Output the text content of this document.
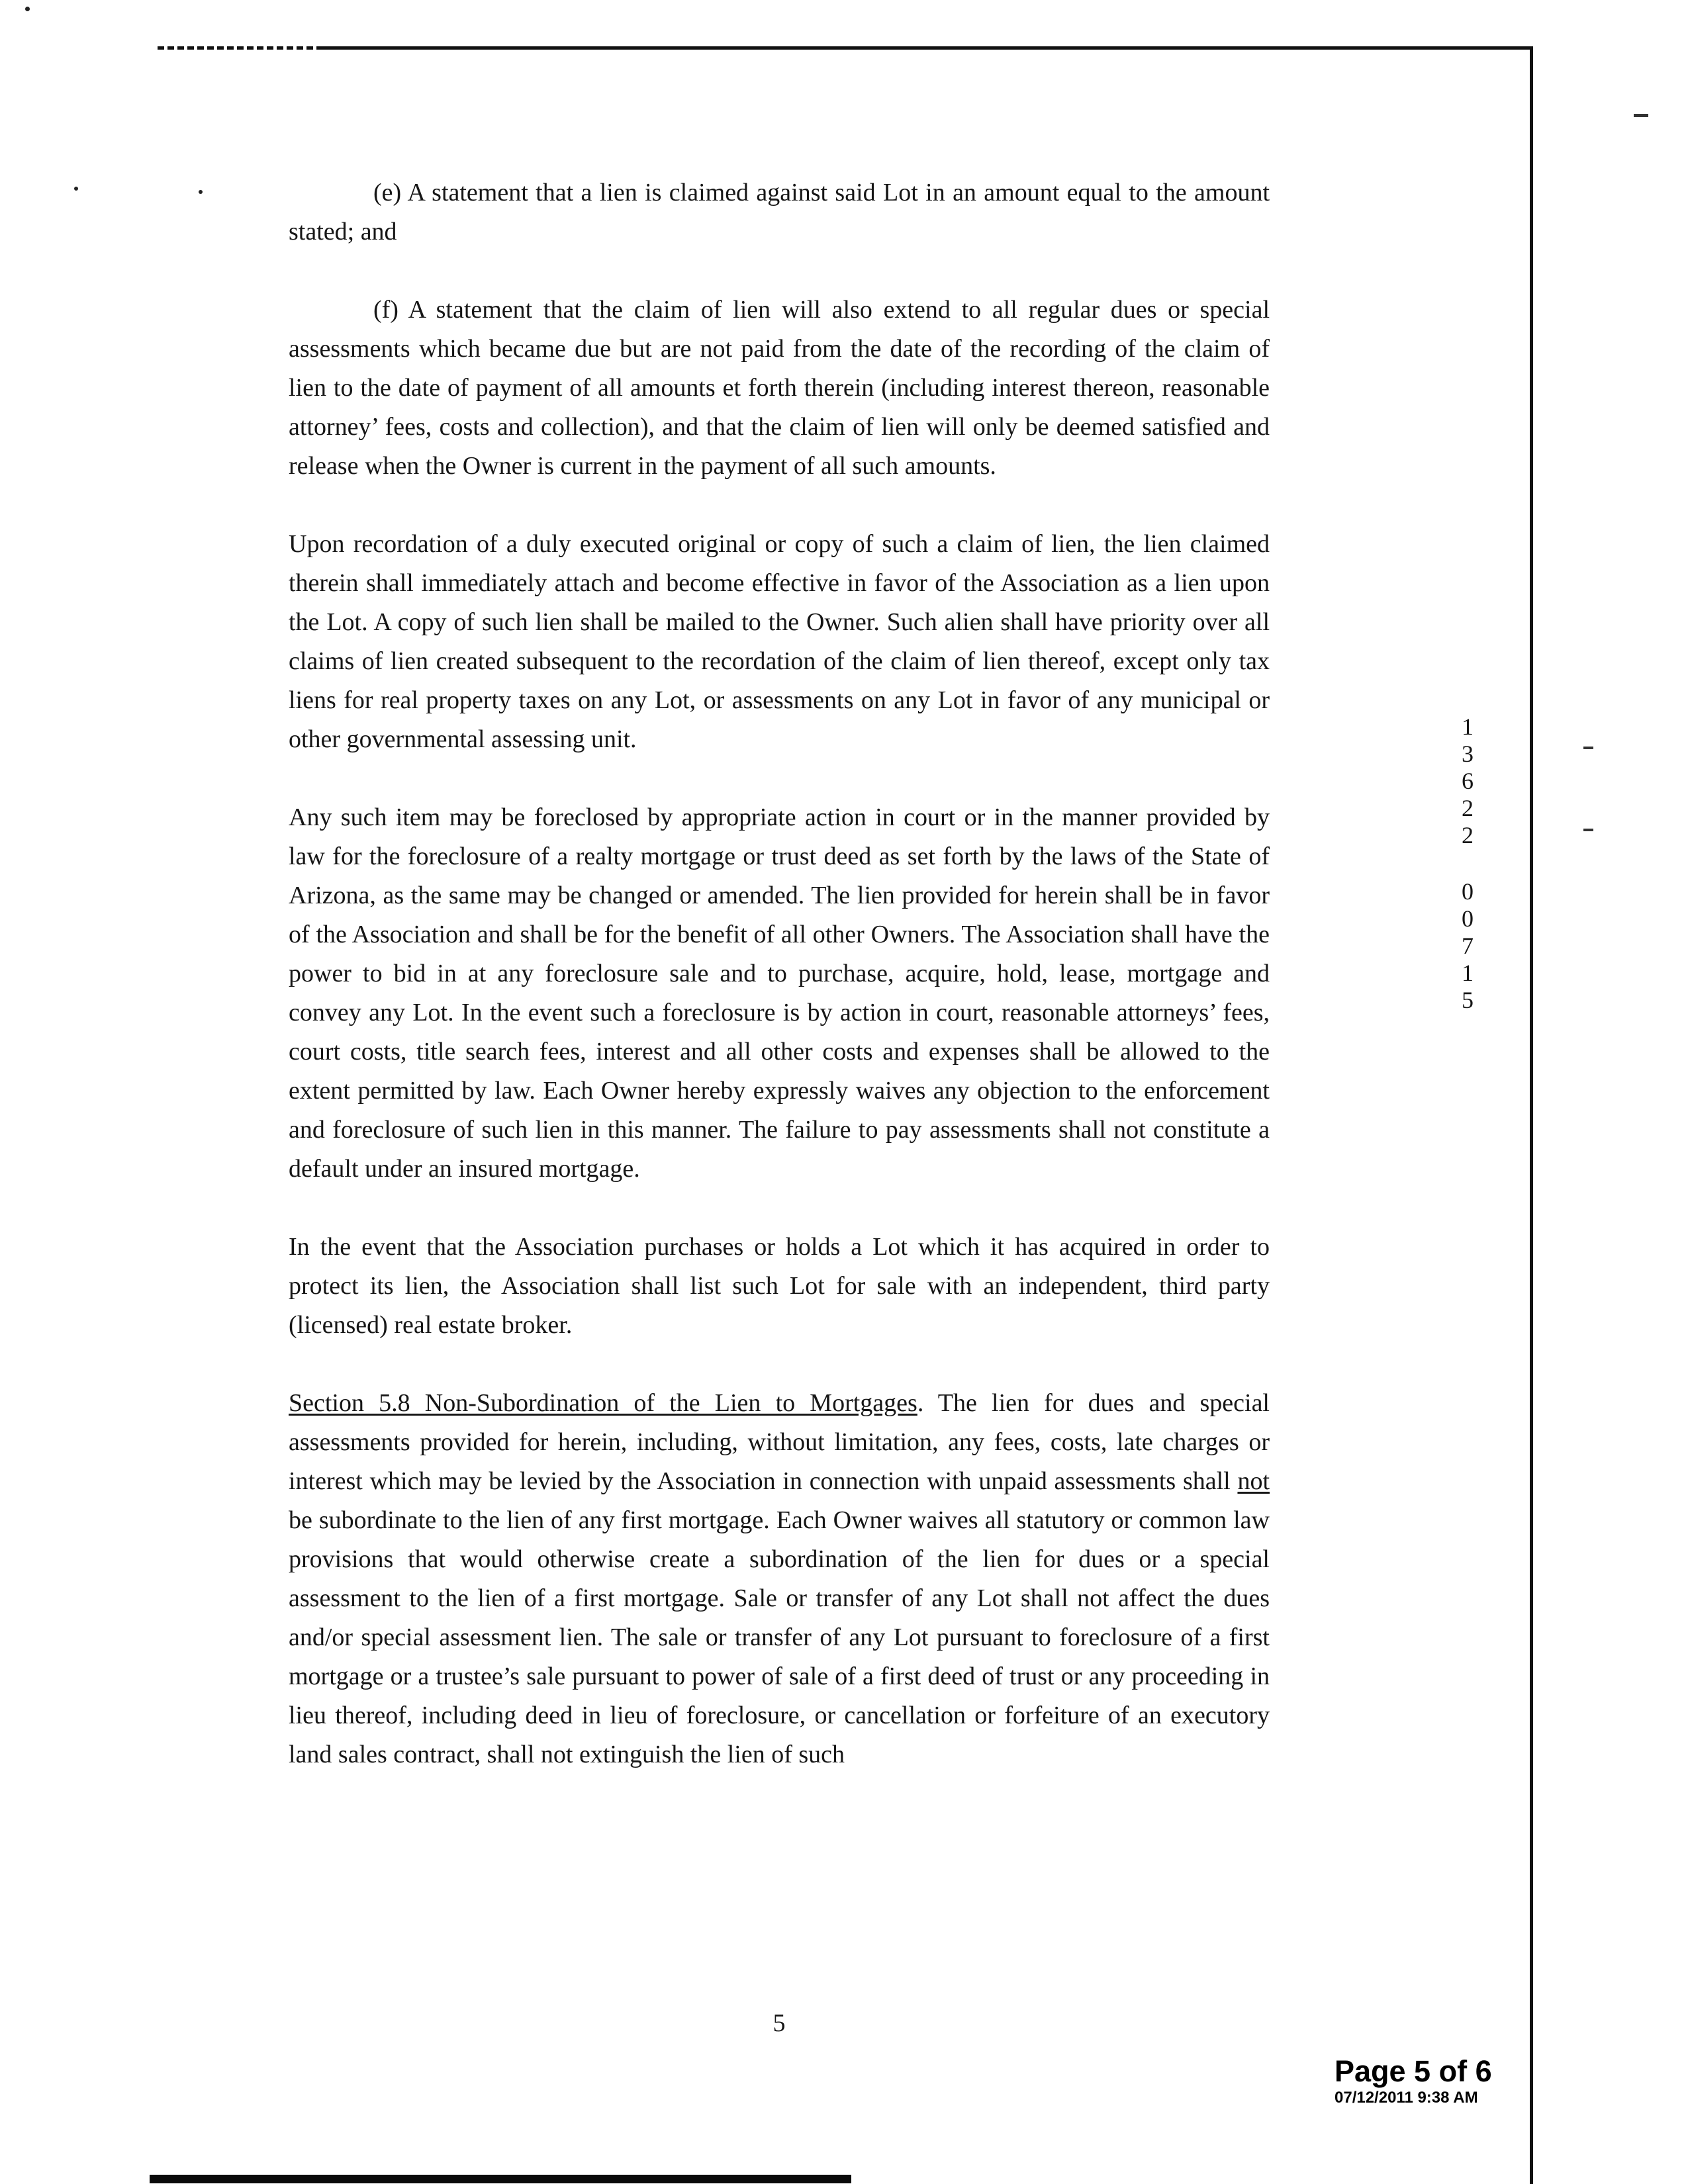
(e) A statement that a lien is claimed against said Lot in an amount equal to the amount stated; and

(f) A statement that the claim of lien will also extend to all regular dues or special assessments which became due but are not paid from the date of the recording of the claim of lien to the date of payment of all amounts et forth therein (including interest thereon, reasonable attorney’ fees, costs and collection), and that the claim of lien will only be deemed satisfied and release when the Owner is current in the payment of all such amounts.

Upon recordation of a duly executed original or copy of such a claim of lien, the lien claimed therein shall immediately attach and become effective in favor of the Association as a lien upon the Lot. A copy of such lien shall be mailed to the Owner. Such alien shall have priority over all claims of lien created subsequent to the recordation of the claim of lien thereof, except only tax liens for real property taxes on any Lot, or assessments on any Lot in favor of any municipal or other governmental assessing unit.

Any such item may be foreclosed by appropriate action in court or in the manner provided by law for the foreclosure of a realty mortgage or trust deed as set forth by the laws of the State of Arizona, as the same may be changed or amended. The lien provided for herein shall be in favor of the Association and shall be for the benefit of all other Owners. The Association shall have the power to bid in at any foreclosure sale and to purchase, acquire, hold, lease, mortgage and convey any Lot. In the event such a foreclosure is by action in court, reasonable attorneys’ fees, court costs, title search fees, interest and all other costs and expenses shall be allowed to the extent permitted by law. Each Owner hereby expressly waives any objection to the enforcement and foreclosure of such lien in this manner. The failure to pay assessments shall not constitute a default under an insured mortgage.

In the event that the Association purchases or holds a Lot which it has acquired in order to protect its lien, the Association shall list such Lot for sale with an independent, third party (licensed) real estate broker.

Section 5.8 Non-Subordination of the Lien to Mortgages. The lien for dues and special assessments provided for herein, including, without limitation, any fees, costs, late charges or interest which may be levied by the Association in connection with unpaid assessments shall not be subordinate to the lien of any first mortgage. Each Owner waives all statutory or common law provisions that would otherwise create a subordination of the lien for dues or a special assessment to the lien of a first mortgage. Sale or transfer of any Lot shall not affect the dues and/or special assessment lien. The sale or transfer of any Lot pursuant to foreclosure of a first mortgage or a trustee’s sale pursuant to power of sale of a first deed of trust or any proceeding in lieu thereof, including deed in lieu of foreclosure, or cancellation or forfeiture of an executory land sales contract, shall not extinguish the lien of such

5
13622
00715
Page 5 of 6
07/12/2011 9:38 AM
